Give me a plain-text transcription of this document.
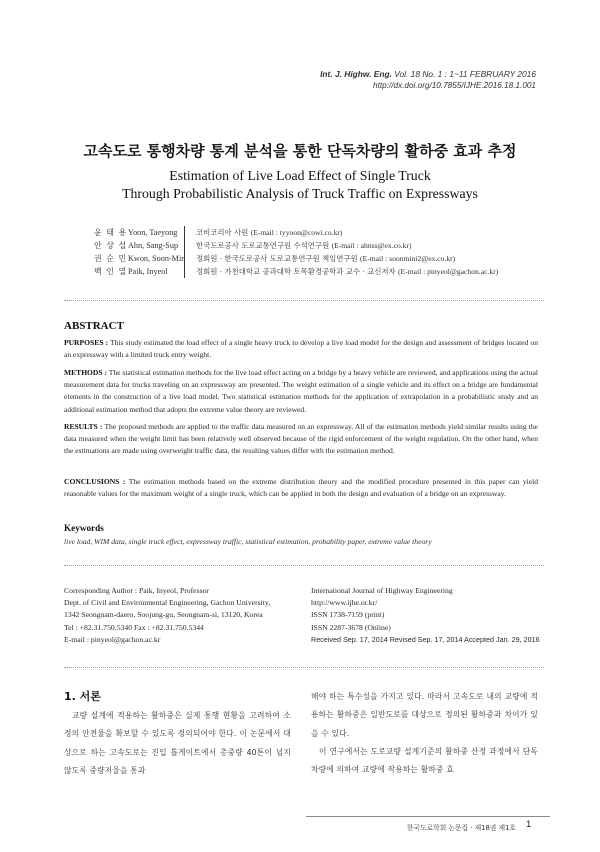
Int. J. Highw. Eng. Vol. 18 No. 1 : 1~11 FEBRUARY 2016
http://dx.doi.org/10.7855/IJHE.2016.18.1.001
고속도로 통행차량 통계 분석을 통한 단독차량의 활하중 효과 추정
Estimation of Live Load Effect of Single Truck
Through Probabilistic Analysis of Truck Traffic on Expressways
윤 태 용 Yoon, Taeyong	코비코리아 사원 (E-mail : tyyoon@cowi.co.kr)
안 상 섭 Ahn, Sang-Sup	한국도로공사 도로교통연구원 수석연구원 (E-mail : ahnss@ex.co.kr)
권 순 민 Kwon, Soon-Min	정회원 · 한국도로공사 도로교통연구원 책임연구원 (E-mail : soonmini2@ex.co.kr)
백 인 열 Paik, Inyeol	정회원 · 가천대학교 공과대학 토목환경공학과 교수 · 교신저자 (E-mail : pinyeol@gachon.ac.kr)
ABSTRACT
PURPOSES : This study estimated the load effect of a single heavy truck to develop a live load model for the design and assessment of bridges located on an expressway with a limited truck entry weight.
METHODS : The statistical estimation methods for the live load effect acting on a bridge by a heavy vehicle are reviewed, and applications using the actual measurement data for trucks traveling on an expressway are presented. The weight estimation of a single vehicle and its effect on a bridge are fundamental elements in the construction of a live load model. Two statistical estimation methods for the application of extrapolation in a probabilistic study and an additional estimation method that adopts the extreme value theory are reviewed.
RESULTS : The proposed methods are applied to the traffic data measured on an expressway. All of the estimation methods yield similar results using the data measured when the weight limit has been relatively well observed because of the rigid enforcement of the weight regulation. On the other hand, when the estimations are made using overweight traffic data, the resulting values differ with the estimation method.
CONCLUSIONS : The estimation methods based on the extreme distribution theory and the modified procedure presented in this paper can yield reasonable values for the maximum weight of a single truck, which can be applied in both the design and evaluation of a bridge on an expressway.
Keywords
live load, WIM data, single truck effect, expressway traffic, statistical estimation, probability paper, extreme value theory
Corresponding Author : Paik, Inyeol, Professor
Dept. of Civil and Environmental Engineering, Gachon University,
1342 Seongnam-daero, Soojung-gu, Seongnam-si, 13120, Korea
Tel : +82.31.750.5340 Fax : +82.31.750.5344
E-mail : pinyeol@gachon.ac.kr
International Journal of Highway Engineering
http://www.ijhe.or.kr/
ISSN 1738-7159 (print)
ISSN 2287-3678 (Online)
Received Sep. 17, 2014 Revised Sep. 17, 2014 Accepted Jan. 29, 2016
1. 서론

교량 설계에 적용하는 활하중은 실제 통행 현황을 고려하여 소정의 안전율을 확보할 수 있도록 정의되어야 한다. 이 논문에서 대상으로 하는 고속도로는 진입 톨게이트에서 총중량 40톤이 넘지 않도록 중량저울을 통과

해야 하는 특수성을 가지고 있다. 따라서 고속도로 내의 교량에 적용하는 활하중은 일반도로를 대상으로 정의된 활하중과 차이가 있을 수 있다.

이 연구에서는 도로교량 설계기준의 활하중 산정 과정에서 단독차량에 의하여 교량에 작용하는 활하중 효

한국도로학회 논문집 · 제18권 제1호 1
